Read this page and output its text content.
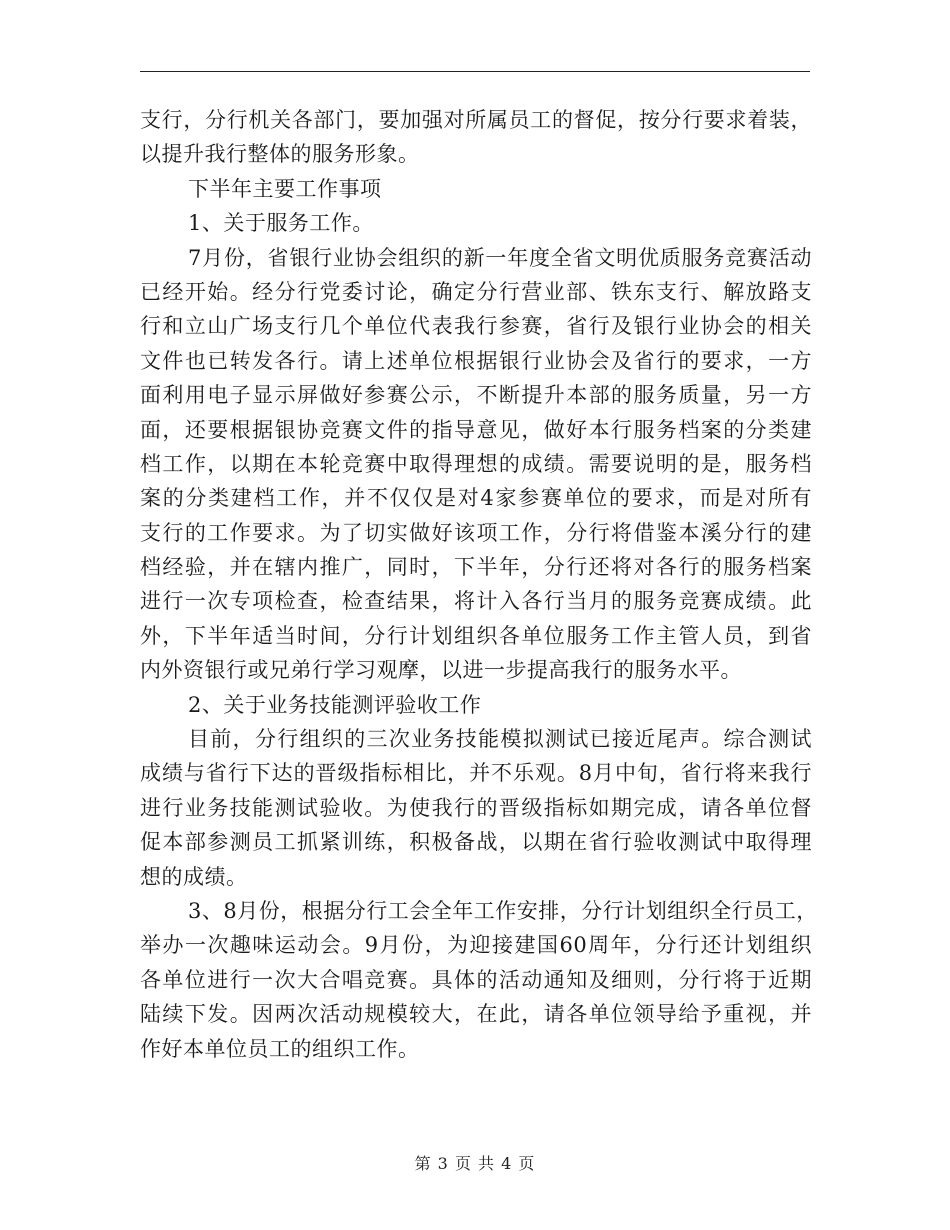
支行，分行机关各部门，要加强对所属员工的督促，按分行要求着装，
以提升我行整体的服务形象。
下半年主要工作事项
1、关于服务工作。
7月份，省银行业协会组织的新一年度全省文明优质服务竞赛活动
已经开始。经分行党委讨论，确定分行营业部、铁东支行、解放路支
行和立山广场支行几个单位代表我行参赛，省行及银行业协会的相关
文件也已转发各行。请上述单位根据银行业协会及省行的要求，一方
面利用电子显示屏做好参赛公示，不断提升本部的服务质量，另一方
面，还要根据银协竞赛文件的指导意见，做好本行服务档案的分类建
档工作，以期在本轮竞赛中取得理想的成绩。需要说明的是，服务档
案的分类建档工作，并不仅仅是对4家参赛单位的要求，而是对所有
支行的工作要求。为了切实做好该项工作，分行将借鉴本溪分行的建
档经验，并在辖内推广，同时，下半年，分行还将对各行的服务档案
进行一次专项检查，检查结果，将计入各行当月的服务竞赛成绩。此
外，下半年适当时间，分行计划组织各单位服务工作主管人员，到省
内外资银行或兄弟行学习观摩，以进一步提高我行的服务水平。
2、关于业务技能测评验收工作
目前，分行组织的三次业务技能模拟测试已接近尾声。综合测试
成绩与省行下达的晋级指标相比，并不乐观。8月中旬，省行将来我行
进行业务技能测试验收。为使我行的晋级指标如期完成，请各单位督
促本部参测员工抓紧训练，积极备战，以期在省行验收测试中取得理
想的成绩。
3、8月份，根据分行工会全年工作安排，分行计划组织全行员工，
举办一次趣味运动会。9月份，为迎接建国60周年，分行还计划组织
各单位进行一次大合唱竞赛。具体的活动通知及细则，分行将于近期
陆续下发。因两次活动规模较大，在此，请各单位领导给予重视，并
作好本单位员工的组织工作。
第 3 页 共 4 页
